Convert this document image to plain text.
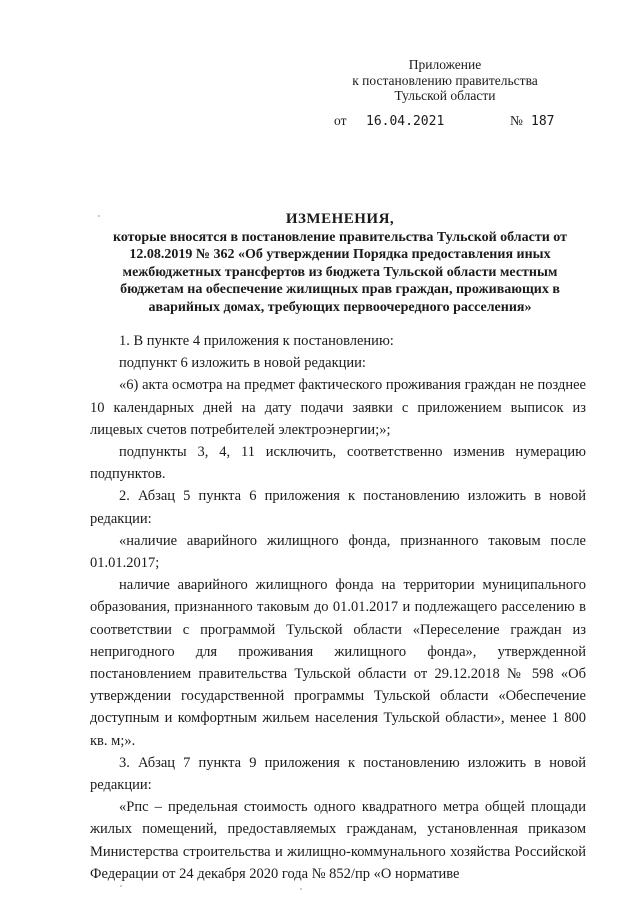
Приложение
к постановлению правительства
Тульской области
от 16.04.2021	№ 187
ИЗМЕНЕНИЯ,
которые вносятся в постановление правительства Тульской области от 12.08.2019 № 362 «Об утверждении Порядка предоставления иных межбюджетных трансфертов из бюджета Тульской области местным бюджетам на обеспечение жилищных прав граждан, проживающих в аварийных домах, требующих первоочередного расселения»

1. В пункте 4 приложения к постановлению:

подпункт 6 изложить в новой редакции:

«6) акта осмотра на предмет фактического проживания граждан не позднее 10 календарных дней на дату подачи заявки с приложением выписок из лицевых счетов потребителей электроэнергии;»;

подпункты 3, 4, 11 исключить, соответственно изменив нумерацию подпунктов.

2. Абзац 5 пункта 6 приложения к постановлению изложить в новой редакции:

«наличие аварийного жилищного фонда, признанного таковым после 01.01.2017;

наличие аварийного жилищного фонда на территории муниципального образования, признанного таковым до 01.01.2017 и подлежащего расселению в соответствии с программой Тульской области «Переселение граждан из непригодного для проживания жилищного фонда», утвержденной постановлением правительства Тульской области от 29.12.2018 № 598 «Об утверждении государственной программы Тульской области «Обеспечение доступным и комфортным жильем населения Тульской области», менее 1 800 кв. м;».

3. Абзац 7 пункта 9 приложения к постановлению изложить в новой редакции:

«Рпс – предельная стоимость одного квадратного метра общей площади жилых помещений, предоставляемых гражданам, установленная приказом Министерства строительства и жилищно-коммунального хозяйства Российской Федерации от 24 декабря 2020 года № 852/пр «О нормативе
